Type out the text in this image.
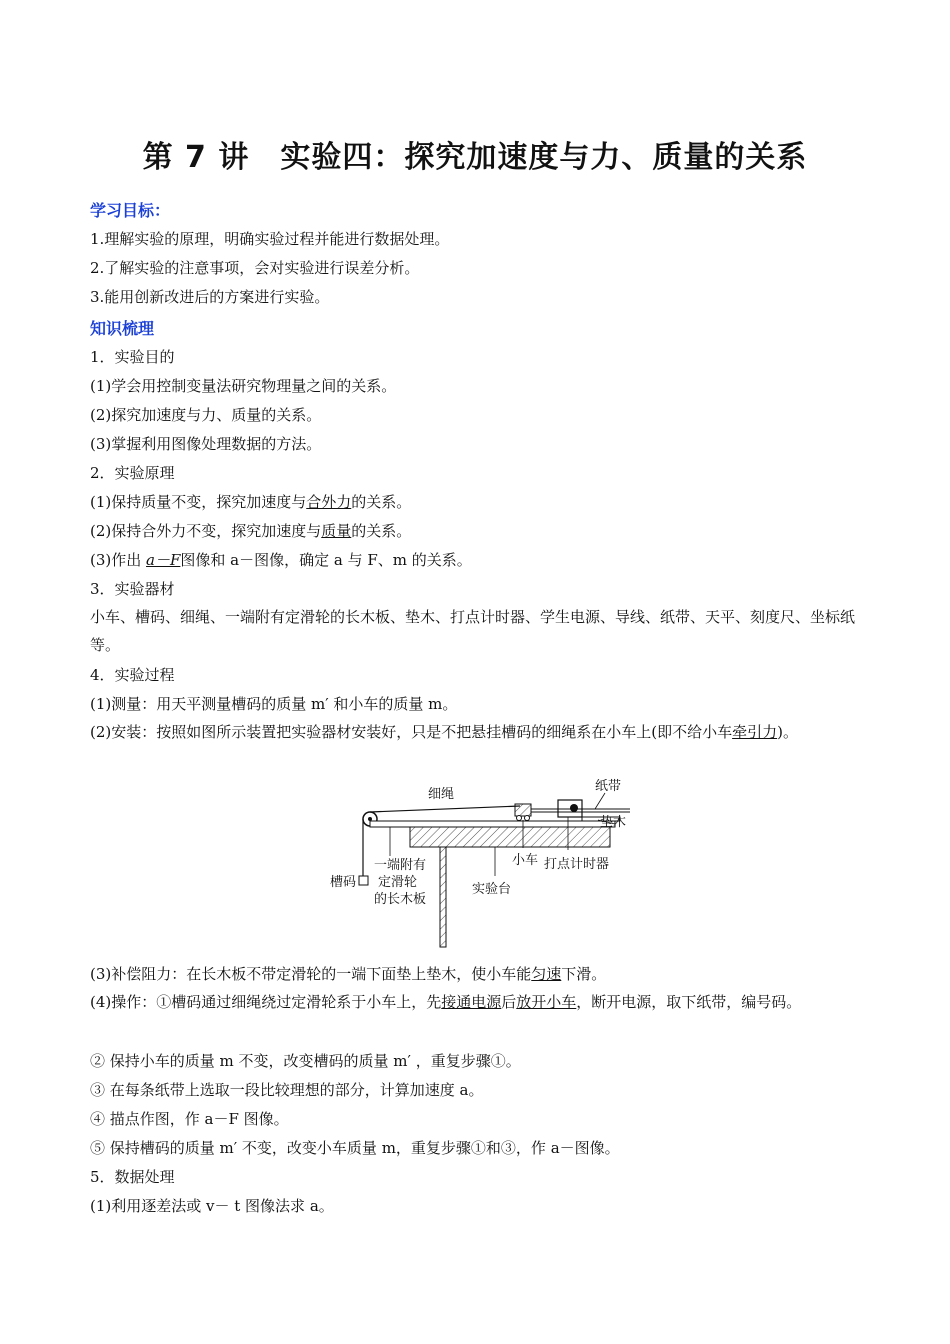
第 7 讲　实验四：探究加速度与力、质量的关系
学习目标：
1.理解实验的原理，明确实验过程并能进行数据处理。
2.了解实验的注意事项，会对实验进行误差分析。
3.能用创新改进后的方案进行实验。
知识梳理
1．实验目的
(1)学会用控制变量法研究物理量之间的关系。
(2)探究加速度与力、质量的关系。
(3)掌握利用图像处理数据的方法。
2．实验原理
(1)保持质量不变，探究加速度与合外力的关系。
(2)保持合外力不变，探究加速度与质量的关系。
(3)作出 a－F图像和 a－图像，确定 a 与 F、m 的关系。
3．实验器材
小车、槽码、细绳、一端附有定滑轮的长木板、垫木、打点计时器、学生电源、导线、纸带、天平、刻度尺、坐标纸等。
4．实验过程
(1)测量：用天平测量槽码的质量 m′ 和小车的质量 m。
(2)安装：按照如图所示装置把实验器材安装好，只是不把悬挂槽码的细绳系在小车上(即不给小车牵引力)。
细绳
纸带
垫木
小车 打点计时器
槽码
一端附有
定滑轮
的长木板
实验台
(3)补偿阻力：在长木板不带定滑轮的一端下面垫上垫木，使小车能匀速下滑。
(4)操作：①槽码通过细绳绕过定滑轮系于小车上，先接通电源后放开小车，断开电源，取下纸带，编号码。
② 保持小车的质量 m 不变，改变槽码的质量 m′ ，重复步骤①。
③ 在每条纸带上选取一段比较理想的部分，计算加速度 a。
④ 描点作图，作 a－F 图像。
⑤ 保持槽码的质量 m′ 不变，改变小车质量 m，重复步骤①和③，作 a－图像。
5．数据处理
(1)利用逐差法或 v－ t 图像法求 a。
